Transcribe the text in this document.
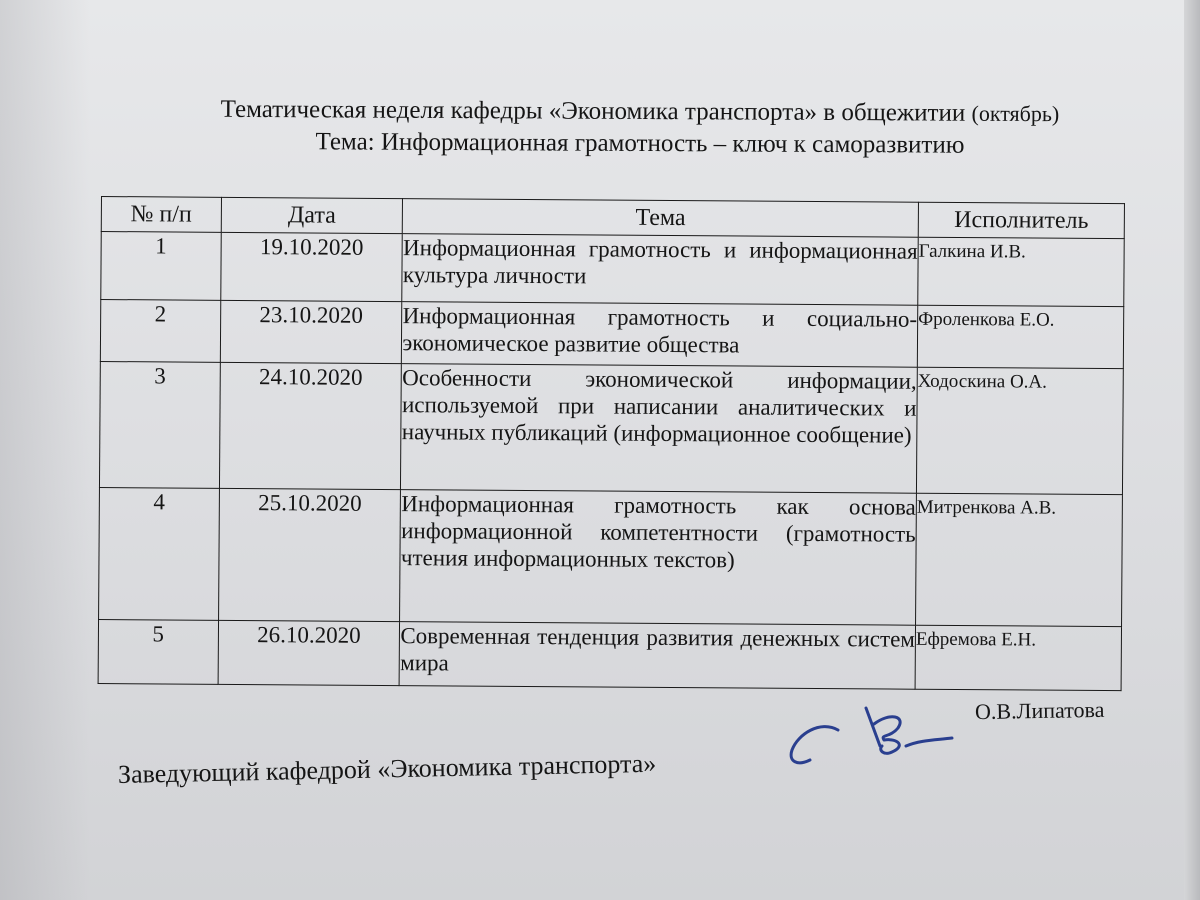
Тематическая неделя кафедры «Экономика транспорта» в общежитии (октябрь)
Тема: Информационная грамотность – ключ к саморазвитию
№ п/п	Дата	Тема	Исполнитель
1	19.10.2020	Информационная грамотность и информационная культура личности	Галкина И.В.
2	23.10.2020	Информационная грамотность и социально-экономическое развитие общества	Фроленкова Е.О.
3	24.10.2020	Особенности экономической информации, используемой при написании аналитических и научных публикаций (информационное сообщение)	Ходоскина О.А.
4	25.10.2020	Информационная грамотность как основа информационной компетентности (грамотность чтения информационных текстов)	Митренкова А.В.
5	26.10.2020	Современная тенденция развития денежных систем мира	Ефремова Е.Н.
О.В.Липатова
Заведующий кафедрой «Экономика транспорта»
